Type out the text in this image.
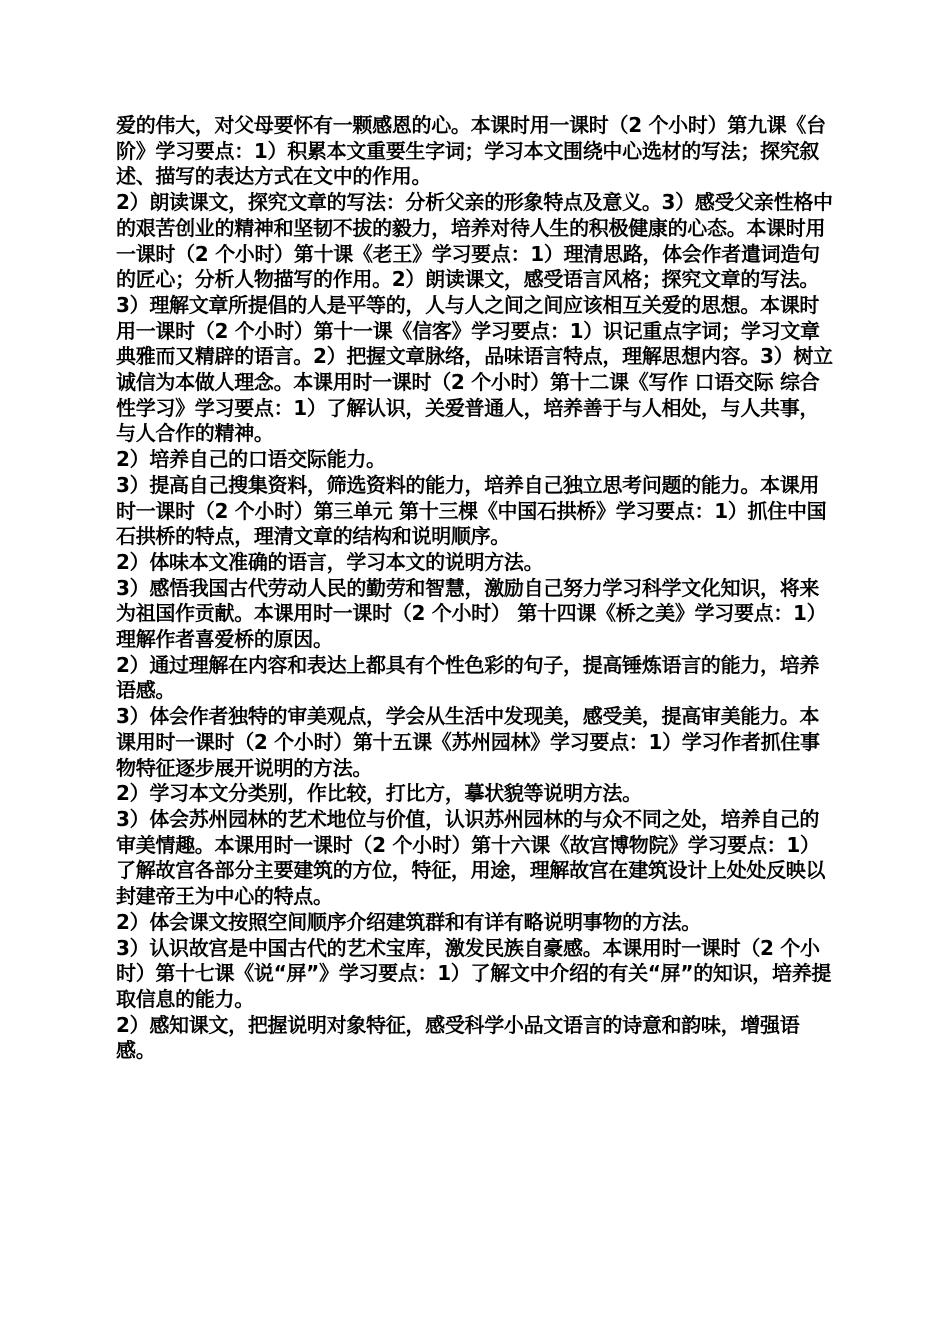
爱的伟大，对父母要怀有一颗感恩的心。本课时用一课时（2 个小时）第九课《台阶》学习要点：1）积累本文重要生字词；学习本文围绕中心选材的写法；探究叙述、描写的表达方式在文中的作用。

2）朗读课文，探究文章的写法：分析父亲的形象特点及意义。3）感受父亲性格中的艰苦创业的精神和坚韧不拔的毅力，培养对待人生的积极健康的心态。本课时用一课时（2 个小时）第十课《老王》学习要点：1）理清思路，体会作者遣词造句的匠心；分析人物描写的作用。2）朗读课文，感受语言风格；探究文章的写法。3）理解文章所提倡的人是平等的，人与人之间之间应该相互关爱的思想。本课时用一课时（2 个小时）第十一课《信客》学习要点：1）识记重点字词；学习文章典雅而又精辟的语言。2）把握文章脉络，品味语言特点，理解思想内容。3）树立诚信为本做人理念。本课用时一课时（2 个小时）第十二课《写作 口语交际 综合性学习》学习要点：1）了解认识，关爱普通人，培养善于与人相处，与人共事，与人合作的精神。

2）培养自己的口语交际能力。

3）提高自己搜集资料，筛选资料的能力，培养自己独立思考问题的能力。本课用时一课时（2 个小时）第三单元 第十三棵《中国石拱桥》学习要点：1）抓住中国石拱桥的特点，理清文章的结构和说明顺序。

2）体味本文准确的语言，学习本文的说明方法。

3）感悟我国古代劳动人民的勤劳和智慧，激励自己努力学习科学文化知识，将来为祖国作贡献。本课用时一课时（2 个小时） 第十四课《桥之美》学习要点：1）理解作者喜爱桥的原因。

2）通过理解在内容和表达上都具有个性色彩的句子，提高锤炼语言的能力，培养语感。

3）体会作者独特的审美观点，学会从生活中发现美，感受美，提高审美能力。本课用时一课时（2 个小时）第十五课《苏州园林》学习要点：1）学习作者抓住事物特征逐步展开说明的方法。

2）学习本文分类别，作比较，打比方，摹状貌等说明方法。

3）体会苏州园林的艺术地位与价值，认识苏州园林的与众不同之处，培养自己的审美情趣。本课用时一课时（2 个小时）第十六课《故宫博物院》学习要点：1）了解故宫各部分主要建筑的方位，特征，用途，理解故宫在建筑设计上处处反映以封建帝王为中心的特点。

2）体会课文按照空间顺序介绍建筑群和有详有略说明事物的方法。

3）认识故宫是中国古代的艺术宝库，激发民族自豪感。本课用时一课时（2 个小时）第十七课《说“屏”》学习要点：1）了解文中介绍的有关“屏”的知识，培养提取信息的能力。

2）感知课文，把握说明对象特征，感受科学小品文语言的诗意和韵味，增强语感。
